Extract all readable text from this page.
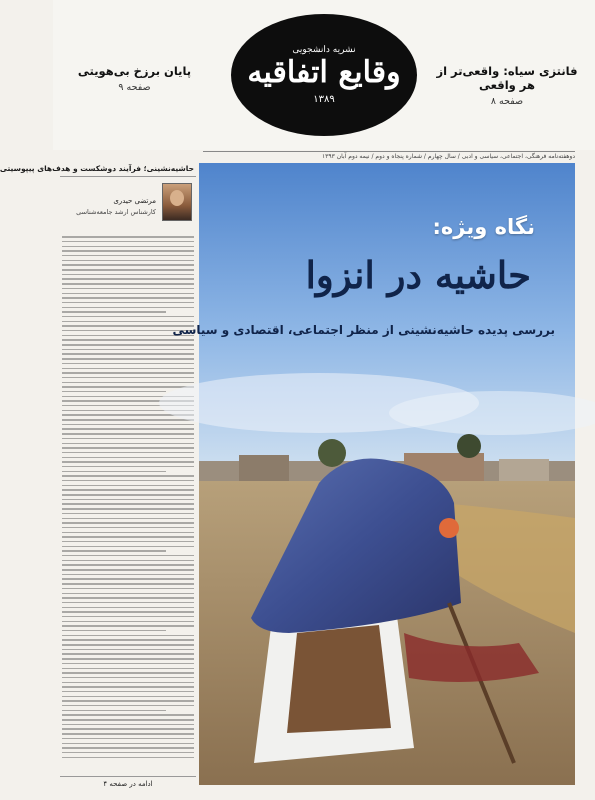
نشریه دانشجویی
وقایع اتفاقیه
۱۳۸۹
فانتزی سیاه: واقعی‌تر از هر واقعی
صفحه ۸
پایان برزخ بی‌هویتی
صفحه ۹
دوهفته‌نامه فرهنگی، اجتماعی، سیاسی و ادبی / سال چهارم / شماره پنجاه و دوم / نیمه دوم آبان ۱۳۹۳
حاشیه‌نشینی؛ فرآیند دوشکست و هدف‌های پیپوسیتی
مرتضی حیدری
کارشناس ارشد جامعه‌شناسی
ادامه در صفحه ۴
نگاه ویژه:
حاشیه در انزوا
بررسی پدیده حاشیه‌نشینی از منظر اجتماعی، اقتصادی و سیاسی
